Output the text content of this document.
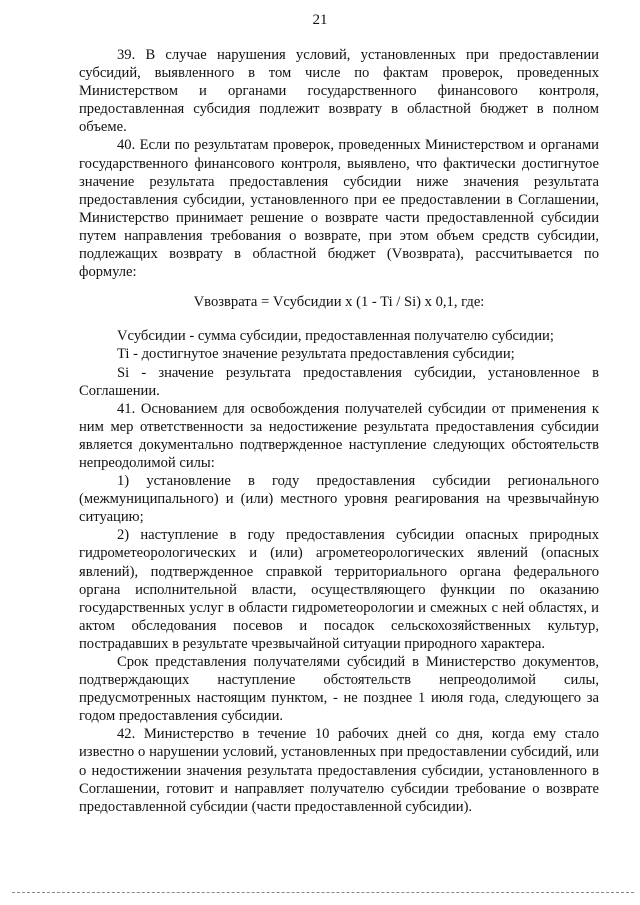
21

39. В случае нарушения условий, установленных при предоставлении субсидий, выявленного в том числе по фактам проверок, проведенных Министерством и органами государственного финансового контроля, предоставленная субсидия подлежит возврату в областной бюджет в полном объеме.

40. Если по результатам проверок, проведенных Министерством и органами государственного финансового контроля, выявлено, что фактически достигнутое значение результата предоставления субсидии ниже значения результата предоставления субсидии, установленного при ее предоставлении в Соглашении, Министерство принимает решение о возврате части предоставленной субсидии путем направления требования о возврате, при этом объем средств субсидии, подлежащих возврату в областной бюджет (Vвозврата), рассчитывается по формуле:

Vвозврата = Vсубсидии x (1 - Ti / Si) x 0,1, где:

Vсубсидии - сумма субсидии, предоставленная получателю субсидии;

Ti - достигнутое значение результата предоставления субсидии;

Si - значение результата предоставления субсидии, установленное в Соглашении.

41. Основанием для освобождения получателей субсидии от применения к ним мер ответственности за недостижение результата предоставления субсидии является документально подтвержденное наступление следующих обстоятельств непреодолимой силы:

1) установление в году предоставления субсидии регионального (межмуниципального) и (или) местного уровня реагирования на чрезвычайную ситуацию;

2) наступление в году предоставления субсидии опасных природных гидрометеорологических и (или) агрометеорологических явлений (опасных явлений), подтвержденное справкой территориального органа федерального органа исполнительной власти, осуществляющего функции по оказанию государственных услуг в области гидрометеорологии и смежных с ней областях, и актом обследования посевов и посадок сельскохозяйственных культур, пострадавших в результате чрезвычайной ситуации природного характера.

Срок представления получателями субсидий в Министерство документов, подтверждающих наступление обстоятельств непреодолимой силы, предусмотренных настоящим пунктом, - не позднее 1 июля года, следующего за годом предоставления субсидии.

42. Министерство в течение 10 рабочих дней со дня, когда ему стало известно о нарушении условий, установленных при предоставлении субсидий, или о недостижении значения результата предоставления субсидии, установленного в Соглашении, готовит и направляет получателю субсидии требование о возврате предоставленной субсидии (части предоставленной субсидии).
